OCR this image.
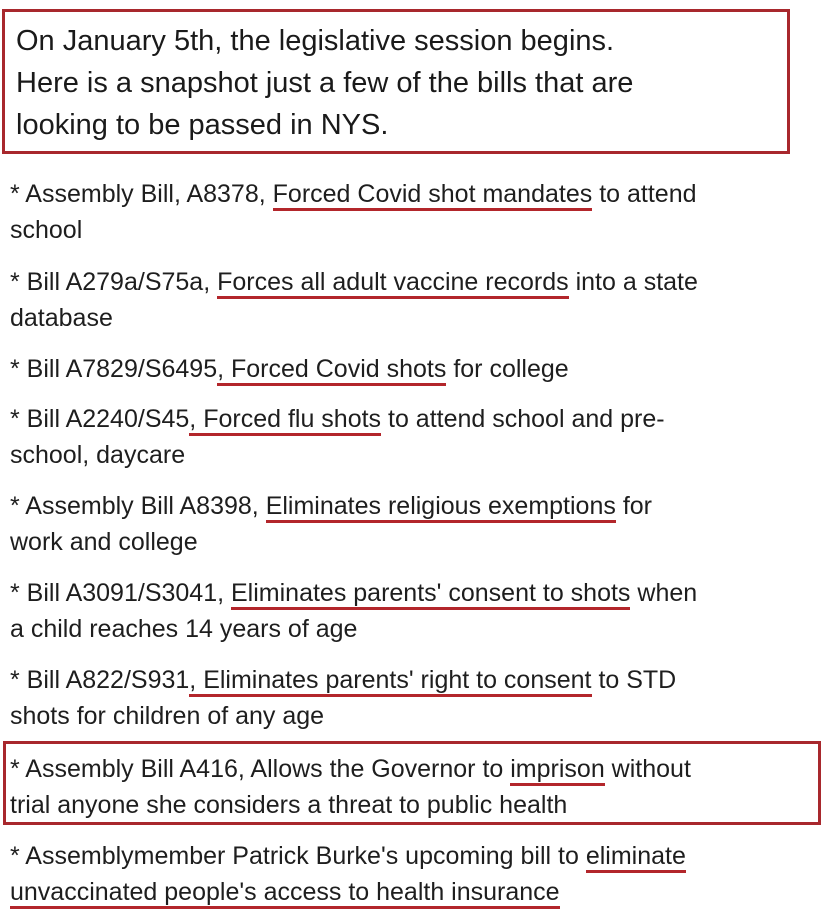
On January 5th, the legislative session begins.
Here is a snapshot just a few of the bills that are
looking to be passed in NYS.
* Assembly Bill, A8378, Forced Covid shot mandates to attend
school
* Bill A279a/S75a, Forces all adult vaccine records into a state
database
* Bill A7829/S6495, Forced Covid shots for college
* Bill A2240/S45, Forced flu shots to attend school and pre-
school, daycare
* Assembly Bill A8398, Eliminates religious exemptions for
work and college
* Bill A3091/S3041, Eliminates parents' consent to shots when
a child reaches 14 years of age
* Bill A822/S931, Eliminates parents' right to consent to STD
shots for children of any age
* Assembly Bill A416, Allows the Governor to imprison without
trial anyone she considers a threat to public health
* Assemblymember Patrick Burke's upcoming bill to eliminate
unvaccinated people's access to health insurance
